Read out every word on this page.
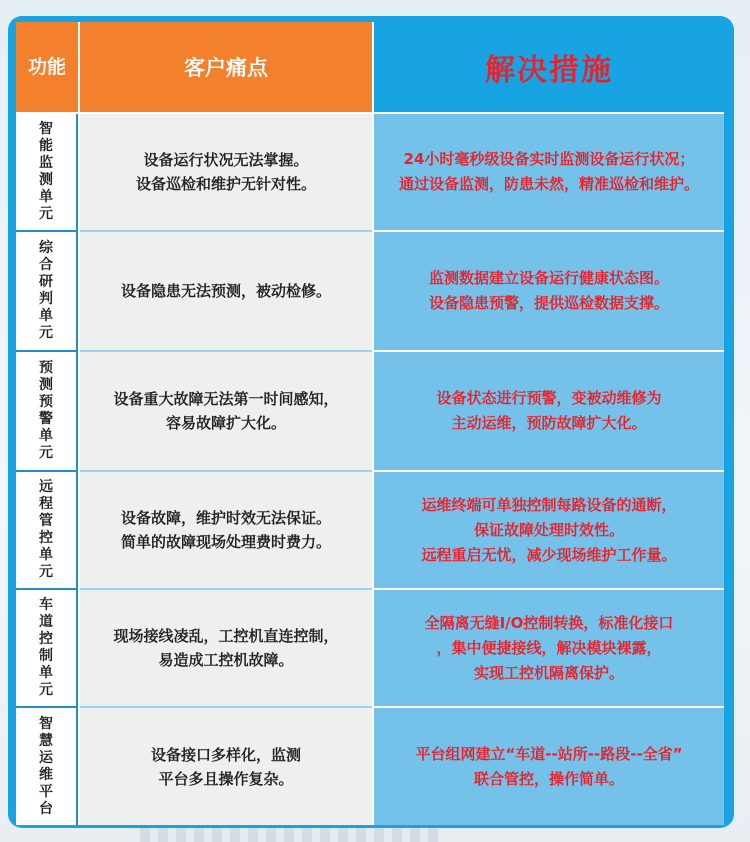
功能	客户痛点	解决措施
智能监测单元
设备运行状况无法掌握。
设备巡检和维护无针对性。
24小时毫秒级设备实时监测设备运行状况；
通过设备监测，防患未然，精准巡检和维护。
综合研判单元
设备隐患无法预测，被动检修。
监测数据建立设备运行健康状态图。
设备隐患预警，提供巡检数据支撑。
预测预警单元
设备重大故障无法第一时间感知，
容易故障扩大化。
设备状态进行预警，变被动维修为
主动运维，预防故障扩大化。
远程管控单元
设备故障，维护时效无法保证。
简单的故障现场处理费时费力。
运维终端可单独控制每路设备的通断，
保证故障处理时效性。
远程重启无忧，减少现场维护工作量。
车道控制单元
现场接线凌乱，工控机直连控制，
易造成工控机故障。
全隔离无缝I/O控制转换，标准化接口
，集中便捷接线，解决模块裸露，
实现工控机隔离保护。
智慧运维平台
设备接口多样化，监测
平台多且操作复杂。
平台组网建立“车道--站所--路段--全省”
联合管控，操作简单。
